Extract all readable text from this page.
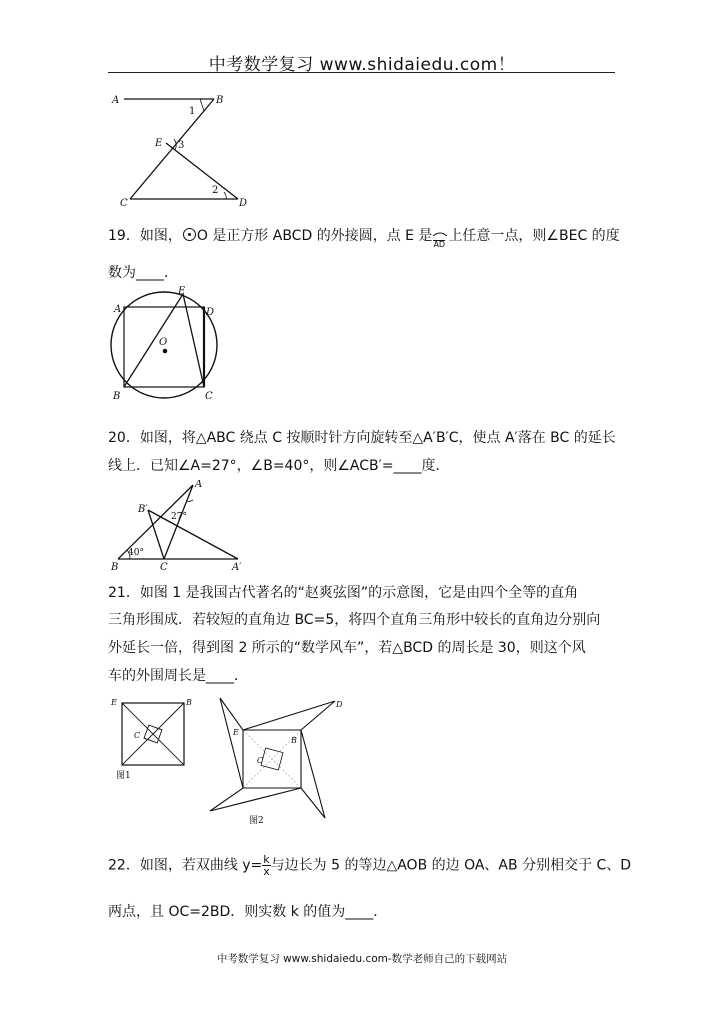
中考数学复习 www.shidaiedu.com！
A	B
1
E 3
2
C	D
19．如图， O 是正方形 ABCD 的外接圆，点 E 是
AD
上任意一点，则∠BEC 的度
数为____．
A
E
D
O
B	C
20．如图，将△ABC 绕点 C 按顺时针方向旋转至△A′B′C，使点 A′落在 BC 的延长
线上．已知∠A=27°，∠B=40°，则∠ACB′=____度．
A
B′
27°
40°
B	C	A′
21．如图 1 是我国古代著名的“赵爽弦图”的示意图，它是由四个全等的直角
三角形围成．若较短的直角边 BC=5，将四个直角三角形中较长的直角边分别向
外延长一倍，得到图 2 所示的“数学风车”，若△BCD 的周长是 30，则这个风
车的外围周长是____．
E	B
C
图1
E
D
C
B
图2
22．如图，若双曲线 $y= \frac{k}{x}$ 与边长为 5 的等边△AOB 的边 OA、AB 分别相交于 C、D
两点，且 OC=2BD．则实数 k 的值为____．
中考数学复习 www.shidaiedu.com-数学老师自己的下载网站
